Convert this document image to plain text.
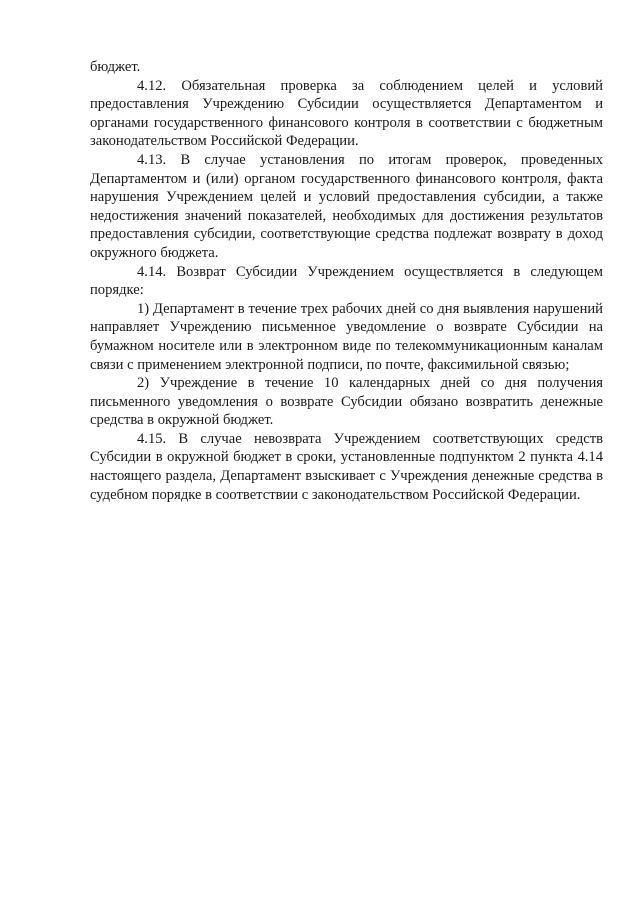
бюджет.

4.12. Обязательная проверка за соблюдением целей и условий предоставления Учреждению Субсидии осуществляется Департаментом и органами государственного финансового контроля в соответствии с бюджетным законодательством Российской Федерации.

4.13. В случае установления по итогам проверок, проведенных Департаментом и (или) органом государственного финансового контроля, факта нарушения Учреждением целей и условий предоставления субсидии, а также недостижения значений показателей, необходимых для достижения результатов предоставления субсидии, соответствующие средства подлежат возврату в доход окружного бюджета.

4.14. Возврат Субсидии Учреждением осуществляется в следующем порядке:

1) Департамент в течение трех рабочих дней со дня выявления нарушений направляет Учреждению письменное уведомление о возврате Субсидии на бумажном носителе или в электронном виде по телекоммуникационным каналам связи с применением электронной подписи, по почте, факсимильной связью;

2) Учреждение в течение 10 календарных дней со дня получения письменного уведомления о возврате Субсидии обязано возвратить денежные средства в окружной бюджет.

4.15. В случае невозврата Учреждением соответствующих средств Субсидии в окружной бюджет в сроки, установленные подпунктом 2 пункта 4.14 настоящего раздела, Департамент взыскивает с Учреждения денежные средства в судебном порядке в соответствии с законодательством Российской Федерации.
